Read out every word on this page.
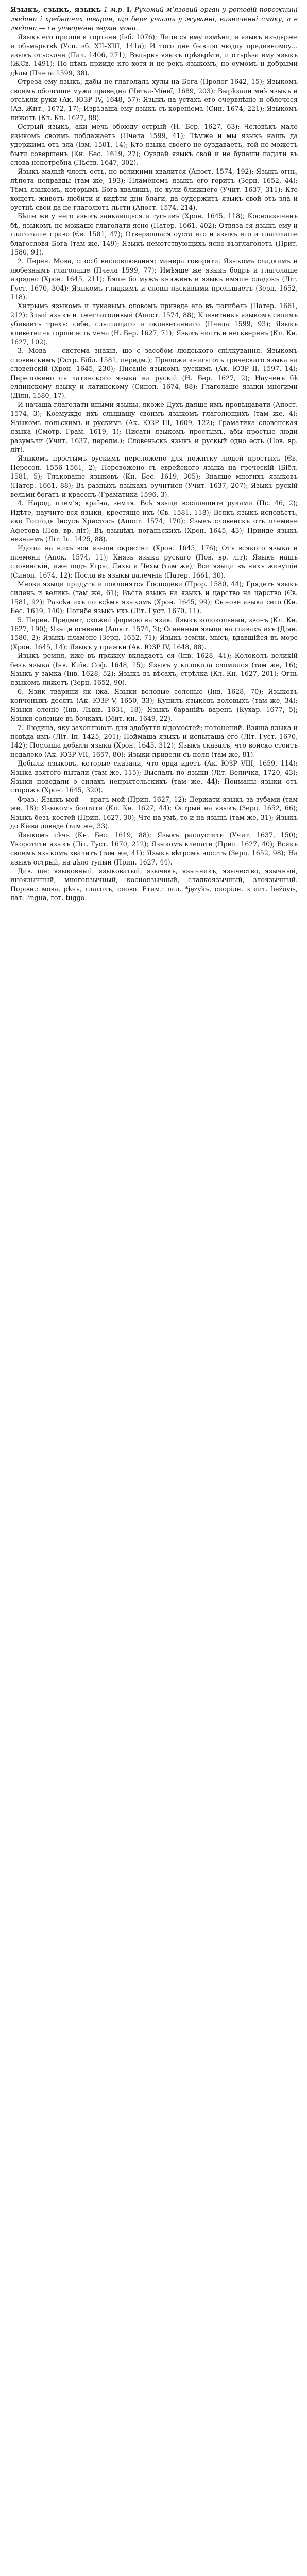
Языкъ, єзыкъ, языкъ 1 м.р. I. Рухомий мʼязовий орган у ротовій порожнині людини і хребетних тварин, що бере участь у жуванні, визначенні смаку, а в людини — і в утворенні звуків мови.

Языкъ его прилпе к гортани (Ізб. 1076); Лице ся ему измѣни, и языкъ изъдьрже и обьмьрьтвѣ (Усп. зб. XII–XIII, 141а); И того дне бывшю чюдоу предивномоу... языкъ отъскоче (Пал. 1406, 271); Въпьрвъ языкъ прѣзьрѣти, и отърѣза ему языкъ (ЖСв. 1491); По нѣмъ прииде кто хотя и не рекъ языкомъ, но оумомъ и добрыми дѣлы (Пчела 1599, 38).

Отреза ему языкъ, дабы не глаголалъ хулы на Бога (Пролог 1642, 15); Языкомъ своимъ оболгаше мужа праведна (Четьи-Мінеї, 1689, 203); Вырѣзали мнѣ языкъ и отсѣкли руки (Ак. ЮЗР IV, 1648, 57); Языкъ на устахъ его очервлѣніе и облечеся (Ав. Жит., 1672, 17); Изрѣзаша ему языкъ съ кореніемъ (Син. 1674, 221); Языкомъ лижетъ (Кл. Кн. 1627, 88).

Острый языкъ, аки мечь обоюду острый (Н. Бер. 1627, 63); Человѣкъ мало языкомъ своимъ поблажаетъ (Пчела 1599, 41); Тѣмже и мы языкъ нашъ да удержимъ отъ зла (Ізм. 1501, 14); Кто языка своего не оуздаваетъ, той не можетъ быти совершенъ (Кн. Бес. 1619, 27); Оуздай языкъ свой и не будеши падати въ слова непотребна (Лѣств. 1647, 302).

Языкъ малый членъ есть, но великими хвалится (Апост. 1574, 192); Языкъ огнь, лѣпота неправды (там же, 193); Пламенемъ языкъ его горитъ (Зерц. 1652, 44); Тѣмъ языкомъ, которымъ Бога хвалишъ, не хули ближнего (Учит. 1637, 311); Кто хощетъ животъ любити и видѣти дни благи, да оудержитъ языкъ свой отъ зла и оустнѣ свои да не глаголютъ льсти (Апост. 1574, 214).

Бѣше же у него языкъ заикающься и гугнивъ (Хрон. 1645, 118); Косноязыченъ бѣ, языкомъ не можаше глаголати ясно (Патер. 1661, 402); Отвяза ся языкъ ему и глаголаше право (Єв. 1581, 47); Отверзошася оуста его и языкъ его и глаголаше благословя Бога (там же, 149); Языкъ немотствующихъ ясно възглаголетъ (Прит. 1580, 91).

2. Перен. Мова, спосіб висловлювання; манера говорити. Языкомъ сладкимъ и любезнымъ глаголаше (Пчела 1599, 77); Имѣяше же языкъ бодръ и глаголаше изрядно (Хрон. 1645, 211); Бяше бо мужъ книженъ и языкъ имяше сладокъ (Літ. Густ. 1670, 304); Языкомъ гладкимъ и словы ласкавыми прельщаетъ (Зерц. 1652, 118).

Хитрымъ языкомъ и лукавымъ словомъ приведе его въ погибель (Патер. 1661, 212); Злый языкъ и лжеглаголивый (Апост. 1574, 88); Клеветникъ языкомъ своимъ убиваетъ трехъ: себе, слышащаго и оклеветаннаго (Пчела 1599, 93); Языкъ клеветничь горше есть меча (Н. Бер. 1627, 71); Языкъ чистъ и нескверенъ (Кл. Кн. 1627, 102).

3. Мова — система знаків, що є засобом людського спілкування. Языкомъ словенскимъ (Остр. Бібл. 1581, передм.); Преложи книгы отъ греческаго языка на словенскій (Хрон. 1645, 230); Писаніе языкомъ рускимъ (Ак. ЮЗР II, 1597, 14); Переложено съ латинского языка на рускій (Н. Бер. 1627, 2); Наученъ бѣ еллинскому языку и латинскому (Синоп. 1674, 88); Глаголаше языки многими (Діян. 1580, 17).

И начаша глаголати иными языкы, якоже Духъ даяше имъ провѣщавати (Апост. 1574, 3); Коемуждо ихъ слышащу своимъ языкомъ глаголющихъ (там же, 4); Языкомъ польскимъ и рускимъ (Ак. ЮЗР III, 1609, 122); Граматика словенская языка (Смотр. Грам. 1619, 1); Писати языкомъ простымъ, абы простые люди разумѣли (Учит. 1637, передм.); Словеньскъ языкъ и рускый одно есть (Пов. вр. літ).

Языкомъ простымъ рускимъ переложено для пожитку людей простыхъ (Єв. Пересоп. 1556–1561, 2); Перевожено съ еврейского языка на греческій (Бібл. 1581, 5); Тлъкованіе языковъ (Кн. Бес. 1619, 305); Знаяше многихъ языковъ (Патер. 1661, 88); Въ разныхъ языкахъ оучитися (Учит. 1637, 207); Языкъ рускій вельми богатъ и красенъ (Граматика 1596, 3).

4. Народ, плем'я; країна, земля. Всѣ языци восплещите руками (Пс. 46, 2); Идѣте, научите вся языки, крестяще ихъ (Єв. 1581, 118); Всякъ языкъ исповѣстъ, яко Господь Іисусъ Христосъ (Апост. 1574, 170); Языкъ словенскъ отъ племене Афетова (Пов. вр. літ); Въ языцѣхъ поганьскихъ (Хрон. 1645, 43); Прииде языкъ незнаемъ (Літ. Іп. 1425, 88).

Идоша на нихъ вси языци окрестни (Хрон. 1645, 176); Отъ всякого языка и племени (Апок. 1574, 11); Князь языка рускаго (Пов. вр. літ); Языкъ нашъ словенскій, иже подъ Угры, Ляхы и Чехы (там же); Вси языци въ нихъ живущіи (Синоп. 1674, 12); Посла въ языкы далечнія (Патер. 1661, 30).

Мнози языци придутъ и поклонятся Господеви (Прор. 1580, 44); Грядетъ языкъ силенъ и великъ (там же, 61); Въста языкъ на языкъ и царство на царство (Єв. 1581, 92); Разсѣя ихъ по всѣмъ языкомъ (Хрон. 1645, 99); Сынове языка сего (Кн. Бес. 1619, 140); Погибе языкъ ихъ (Літ. Густ. 1670, 11).

5. Перен. Предмет, схожий формою на язик. Языкъ колокольный, звонъ (Кл. Кн. 1627, 190); Языци огненни (Апост. 1574, 3); Огненныи языци на главахъ ихъ (Діян. 1580, 2); Языкъ пламене (Зерц. 1652, 71); Языкъ земли, мысъ, вдавшійся въ море (Хрон. 1645, 14); Языкъ у пряжки (Ак. ЮЗР IV, 1648, 88).

Языкъ ремня, иже въ пряжку вкладаетъ ся (Інв. 1628, 41); Колоколъ великій безъ языка (Інв. Київ. Соф. 1648, 15); Языкъ у колокола сломился (там же, 16); Языкъ у замка (Інв. 1628, 52); Языкъ въ вѣсахъ, стрѣлка (Кл. Кн. 1627, 201); Огнь языкомъ лижетъ (Зерц. 1652, 90).

6. Язик тварини як їжа. Языки воловые соленые (Інв. 1628, 70); Языковъ копченыхъ десять (Ак. ЮЗР V, 1650, 33); Купилъ языковъ воловыхъ (там же, 34); Языки оленіе (Інв. Львів. 1631, 18); Языкъ баранійъ варенъ (Кухар. 1677, 5); Языки соленые въ бочкахъ (Мит. кн. 1649, 22).

7. Людина, яку захоплюють для здобуття відомостей; полонений. Взяша языка и повѣда имъ (Літ. Іп. 1425, 201); Поймаша языкъ и испыташа его (Літ. Густ. 1670, 142); Послаша добыти языка (Хрон. 1645, 312); Языкъ сказалъ, что войско стоитъ недалеко (Ак. ЮЗР VII, 1657, 80); Языки привели съ поля (там же, 81).

Добыли языковъ, которые сказали, что орда идетъ (Ак. ЮЗР VIII, 1659, 114); Языка взятого пытали (там же, 115); Выслалъ по языки (Літ. Величка, 1720, 43); Языки поведали о силахъ непріятельскихъ (там же, 44); Поиманы языки отъ сторожъ (Хрон. 1645, 320).

Фраз.: Языкъ мой — врагъ мой (Прип. 1627, 12); Держати языкъ за зубами (там же, 18); Языкомъ болтати (Кл. Кн. 1627, 44); Острый на языкъ (Зерц. 1652, 66); Языкъ безъ костей (Прип. 1627, 30); Что на умѣ, то и на языцѣ (там же, 31); Языкъ до Кієва доведе (там же, 33).

Языкомъ сѣчь (Кн. Бес. 1619, 88); Языкъ распустити (Учит. 1637, 150); Укоротити языкъ (Літ. Густ. 1670, 212); Языкомъ клепати (Прип. 1627, 40); Всякъ своимъ языкомъ хвалитъ (там же, 41); Языкъ вѣтромъ носитъ (Зерц. 1652, 98); На языкъ острый, на дѣло тупый (Прип. 1627, 44).

Див. ще: языковный, языковатый, язычекъ, язычникъ, язычество, язычный, иноязычный, многоязычный, косноязычный, сладкоязычный, злоязычный. Порівн.: мова, рѣчь, глаголъ, слово. Етим.: псл. *językъ, спорідн. з лит. liežùvis, лат. lingua, гот. tuggō.
